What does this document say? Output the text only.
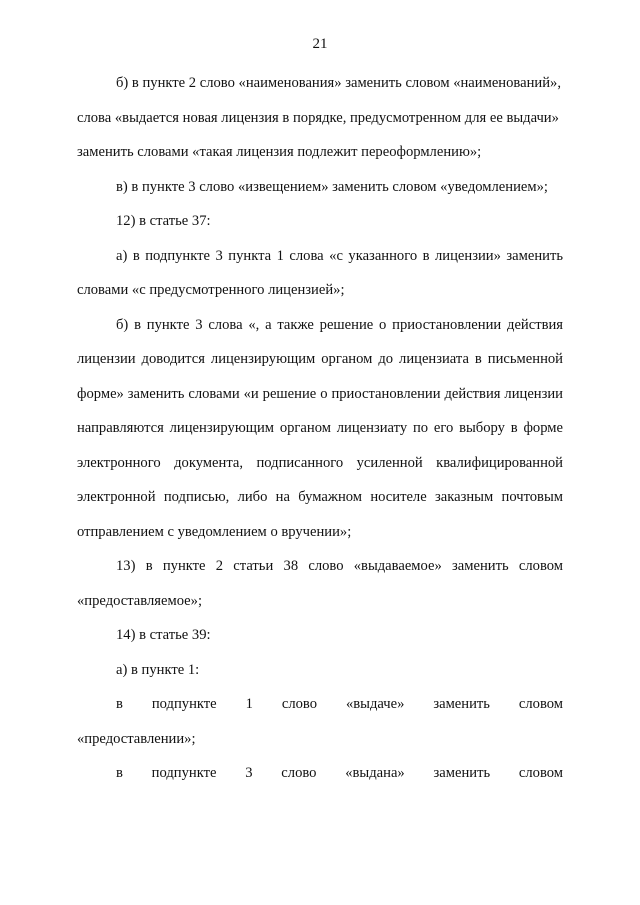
21

б) в пункте 2 слово «наименования» заменить словом «наименований»,
слова «выдается новая лицензия в порядке, предусмотренном для ее выдачи»
заменить словами «такая лицензия подлежит переоформлению»;

в) в пункте 3 слово «извещением» заменить словом «уведомлением»;

12) в статье 37:

а) в подпункте 3 пункта 1 слова «с указанного в лицензии» заменить
словами «с предусмотренного лицензией»;

б) в пункте 3 слова «, а также решение о приостановлении действия
лицензии доводится лицензирующим органом до лицензиата в письменной
форме» заменить словами «и решение о приостановлении действия лицензии
направляются лицензирующим органом лицензиату по его выбору в форме
электронного документа, подписанного усиленной квалифицированной
электронной подписью, либо на бумажном носителе заказным почтовым
отправлением с уведомлением о вручении»;

13) в пункте 2 статьи 38 слово «выдаваемое» заменить словом
«предоставляемое»;

14) в статье 39:

а) в пункте 1:

в подпункте 1 слово «выдаче» заменить словом
«предоставлении»;

в подпункте 3 слово «выдана» заменить словом
